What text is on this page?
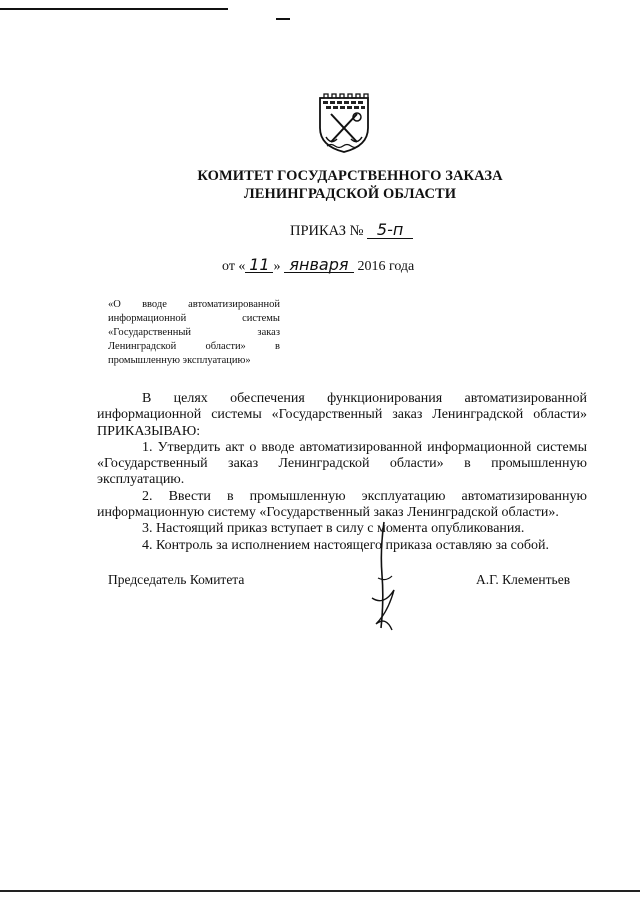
КОМИТЕТ ГОСУДАРСТВЕННОГО ЗАКАЗА
ЛЕНИНГРАДСКОЙ ОБЛАСТИ
ПРИКАЗ № 5-п
от « 11 » января 2016 года
«О вводе автоматизированной информационной системы «Государственный заказ Ленинградской области» в промышленную эксплуатацию»

В целях обеспечения функционирования автоматизированной информационной системы «Государственный заказ Ленинградской области» ПРИКАЗЫВАЮ:

1. Утвердить акт о вводе автоматизированной информационной системы «Государственный заказ Ленинградской области» в промышленную эксплуатацию.

2. Ввести в промышленную эксплуатацию автоматизированную информационную систему «Государственный заказ Ленинградской области».

3. Настоящий приказ вступает в силу с момента опубликования.

4. Контроль за исполнением настоящего приказа оставляю за собой.

Председатель Комитета	А.Г. Клементьев
